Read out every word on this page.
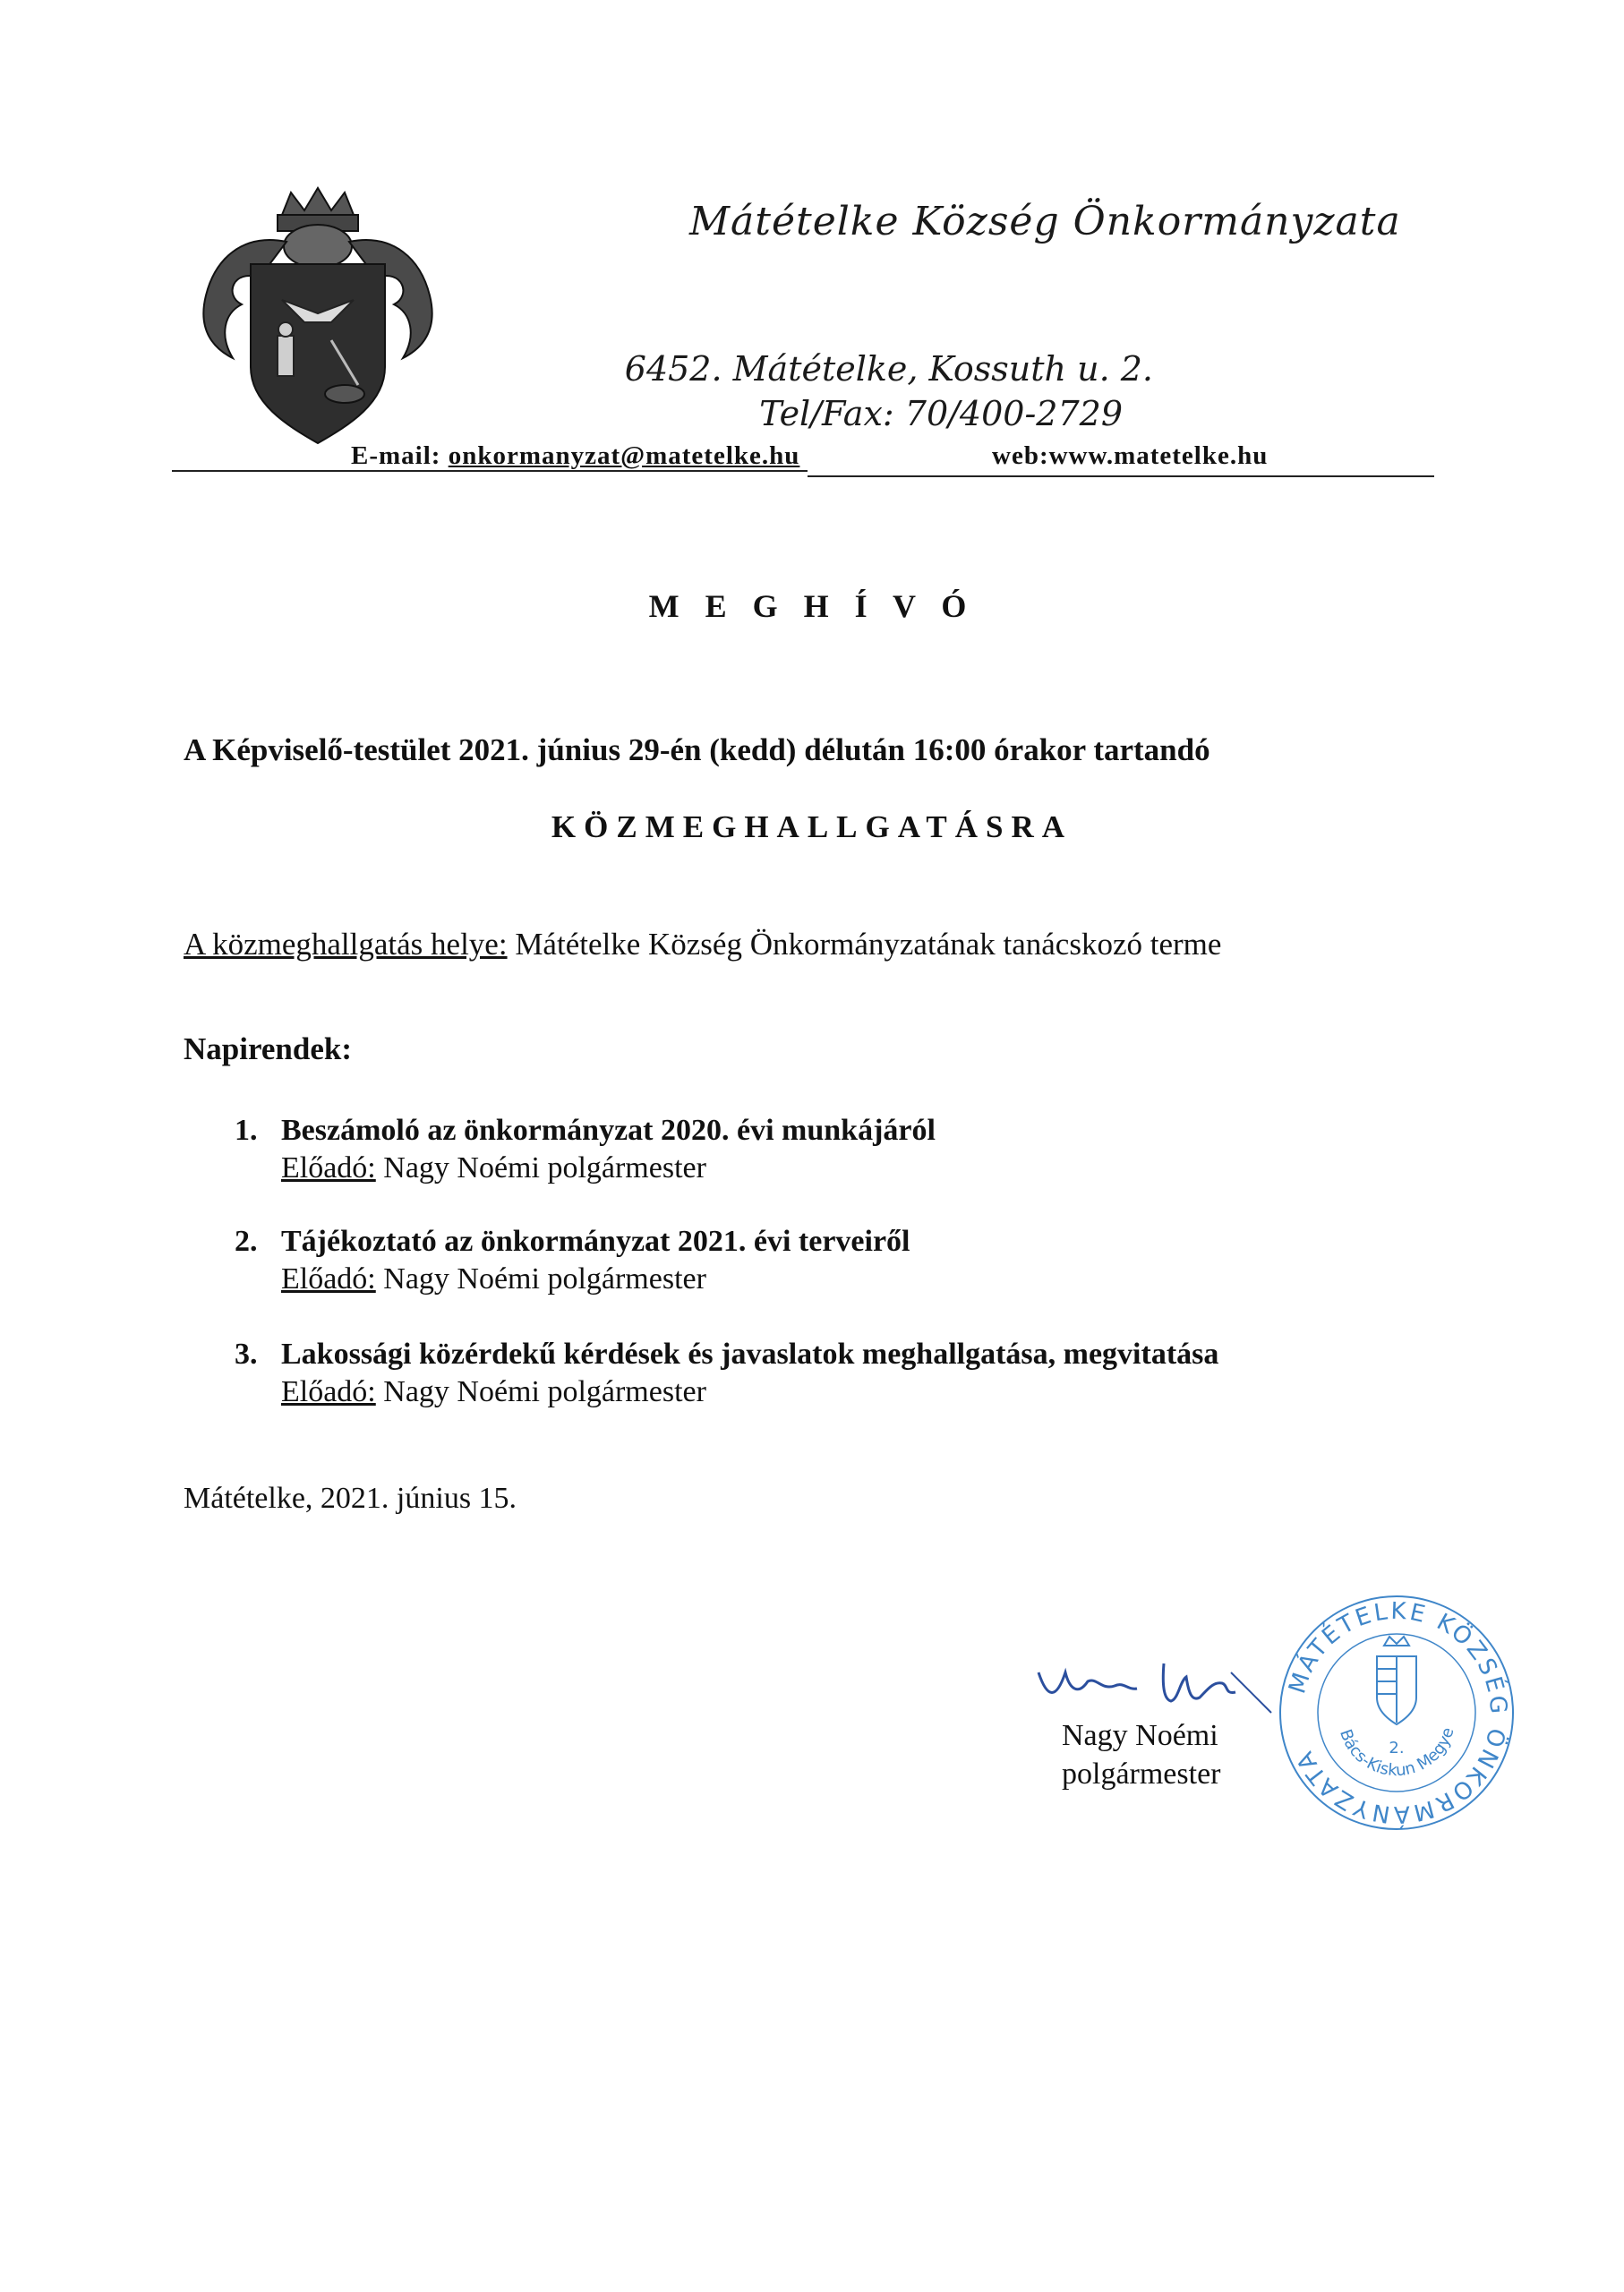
Mátételke Község Önkormányzata
6452. Mátételke, Kossuth u. 2.
Tel/Fax: 70/400-2729
E-mail: onkormanyzat@matetelke.hu	web:www.matetelke.hu
M E G H Í V Ó
A Képviselő-testület 2021. június 29-én (kedd) délután 16:00 órakor tartandó
KÖZMEGHALLGATÁSRA
A közmeghallgatás helye: Mátételke Község Önkormányzatának tanácskozó terme
Napirendek:
1. Beszámoló az önkormányzat 2020. évi munkájáról
Előadó: Nagy Noémi polgármester
2. Tájékoztató az önkormányzat 2021. évi terveiről
Előadó: Nagy Noémi polgármester
3. Lakossági közérdekű kérdések és javaslatok meghallgatása, megvitatása
Előadó: Nagy Noémi polgármester
Mátételke, 2021. június 15.
Nagy Noémi
polgármester
MÁTÉTELKE KÖZSÉG ÖNKORMÁNYZATA	2.
Bács-Kiskun Megye
